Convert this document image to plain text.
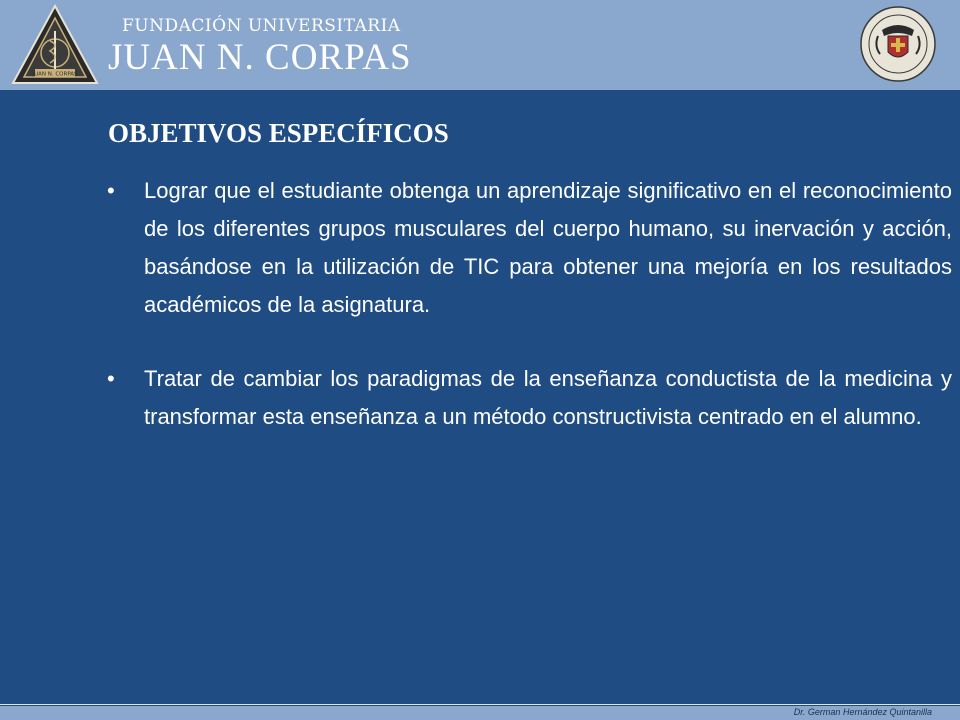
JUAN N. CORPAS
FUNDACIÓN UNIVERSITARIA
JUAN N. CORPAS
OBJETIVOS ESPECÍFICOS
• Lograr que el estudiante obtenga un aprendizaje significativo en el reconocimiento de los diferentes grupos musculares del cuerpo humano, su inervación y acción, basándose en la utilización de TIC para obtener una mejoría en los resultados académicos de la asignatura.
• Tratar de cambiar los paradigmas de la enseñanza conductista de la medicina y transformar esta enseñanza a un método constructivista centrado en el alumno.
Dr. German Hernández Quintanilla
